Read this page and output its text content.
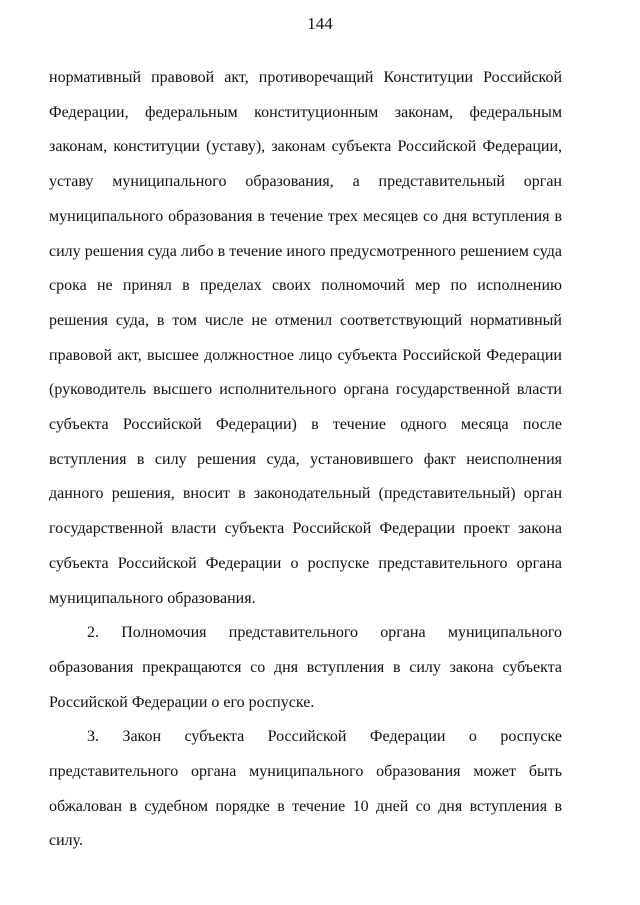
144

нормативный правовой акт, противоречащий Конституции Российской Федерации, федеральным конституционным законам, федеральным законам, конституции (уставу), законам субъекта Российской Федерации, уставу муниципального образования, а представительный орган муниципального образования в течение трех месяцев со дня вступления в силу решения суда либо в течение иного предусмотренного решением суда срока не принял в пределах своих полномочий мер по исполнению решения суда, в том числе не отменил соответствующий нормативный правовой акт, высшее должностное лицо субъекта Российской Федерации (руководитель высшего исполнительного органа государственной власти субъекта Российской Федерации) в течение одного месяца после вступления в силу решения суда, установившего факт неисполнения данного решения, вносит в законодательный (представительный) орган государственной власти субъекта Российской Федерации проект закона субъекта Российской Федерации о роспуске представительного органа муниципального образования.

2. Полномочия представительного органа муниципального образования прекращаются со дня вступления в силу закона субъекта Российской Федерации о его роспуске.

3. Закон субъекта Российской Федерации о роспуске представительного органа муниципального образования может быть обжалован в судебном порядке в течение 10 дней со дня вступления в силу.
